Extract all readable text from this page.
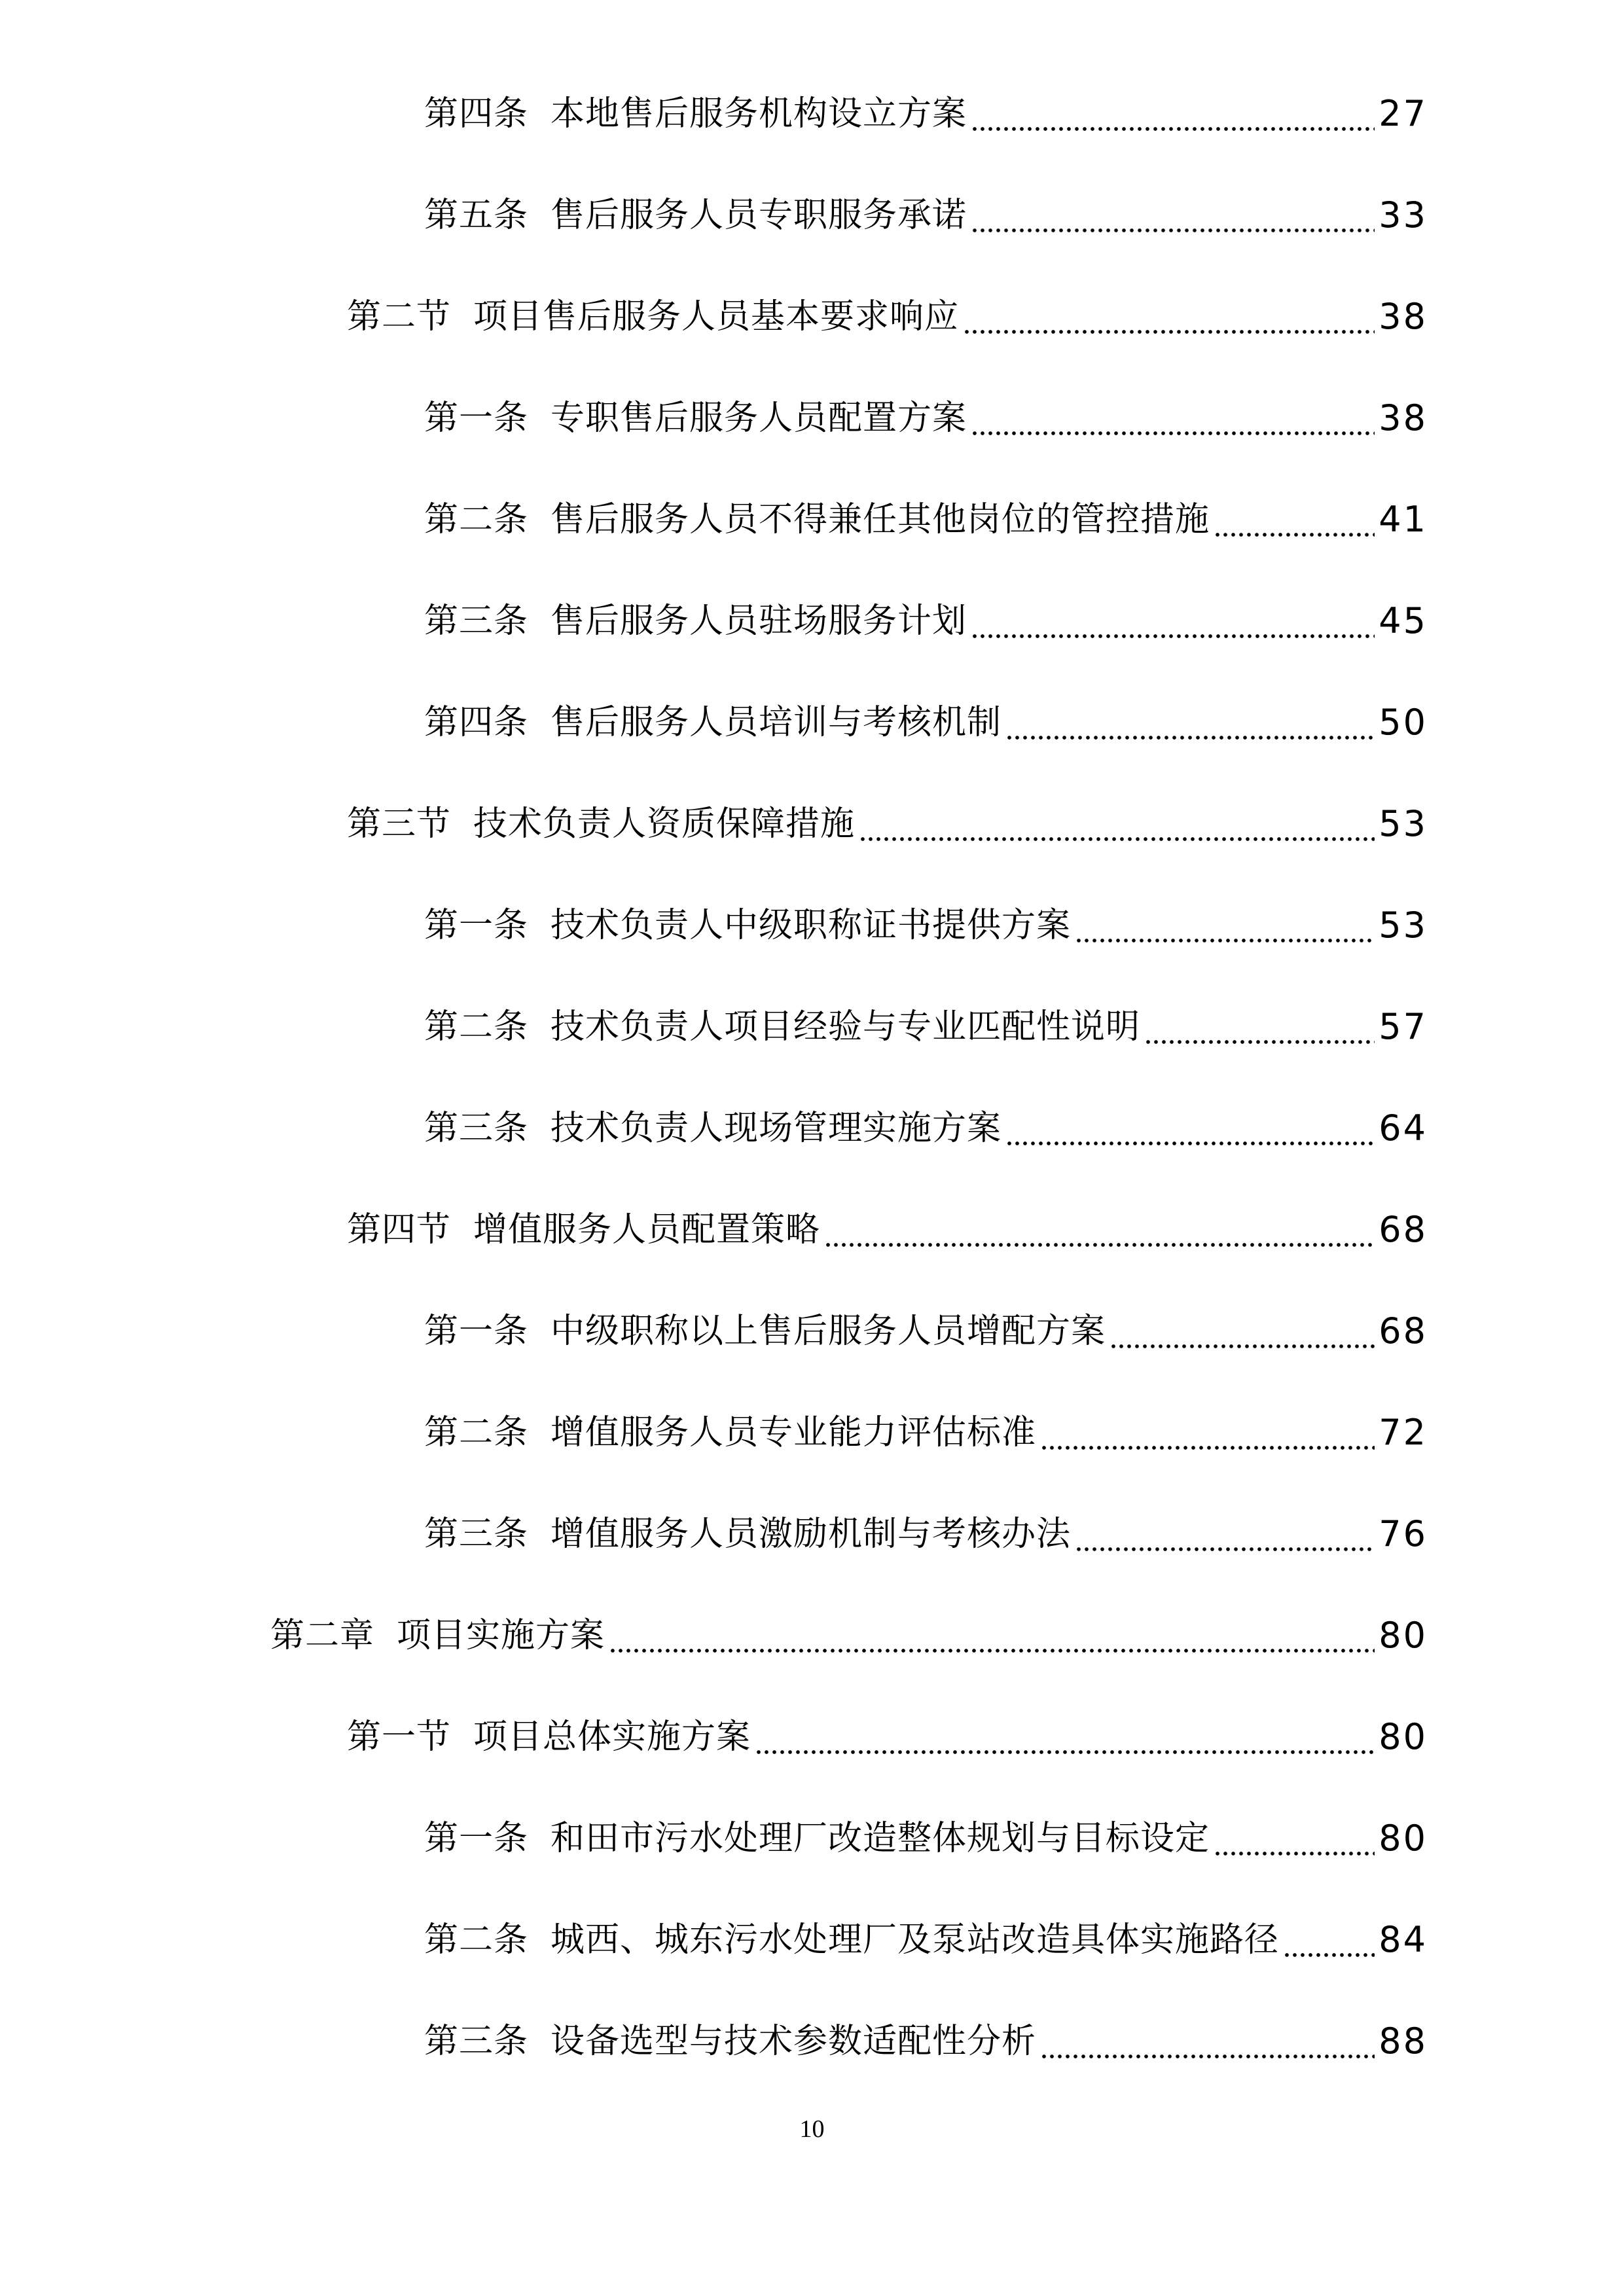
第四条 本地售后服务机构设立方案	27
第五条 售后服务人员专职服务承诺	33
第二节 项目售后服务人员基本要求响应	38
第一条 专职售后服务人员配置方案	38
第二条 售后服务人员不得兼任其他岗位的管控措施	41
第三条 售后服务人员驻场服务计划	45
第四条 售后服务人员培训与考核机制	50
第三节 技术负责人资质保障措施	53
第一条 技术负责人中级职称证书提供方案	53
第二条 技术负责人项目经验与专业匹配性说明	57
第三条 技术负责人现场管理实施方案	64
第四节 增值服务人员配置策略	68
第一条 中级职称以上售后服务人员增配方案	68
第二条 增值服务人员专业能力评估标准	72
第三条 增值服务人员激励机制与考核办法	76
第二章 项目实施方案	80
第一节 项目总体实施方案	80
第一条 和田市污水处理厂改造整体规划与目标设定	80
第二条 城西、城东污水处理厂及泵站改造具体实施路径	84
第三条 设备选型与技术参数适配性分析	88
10
